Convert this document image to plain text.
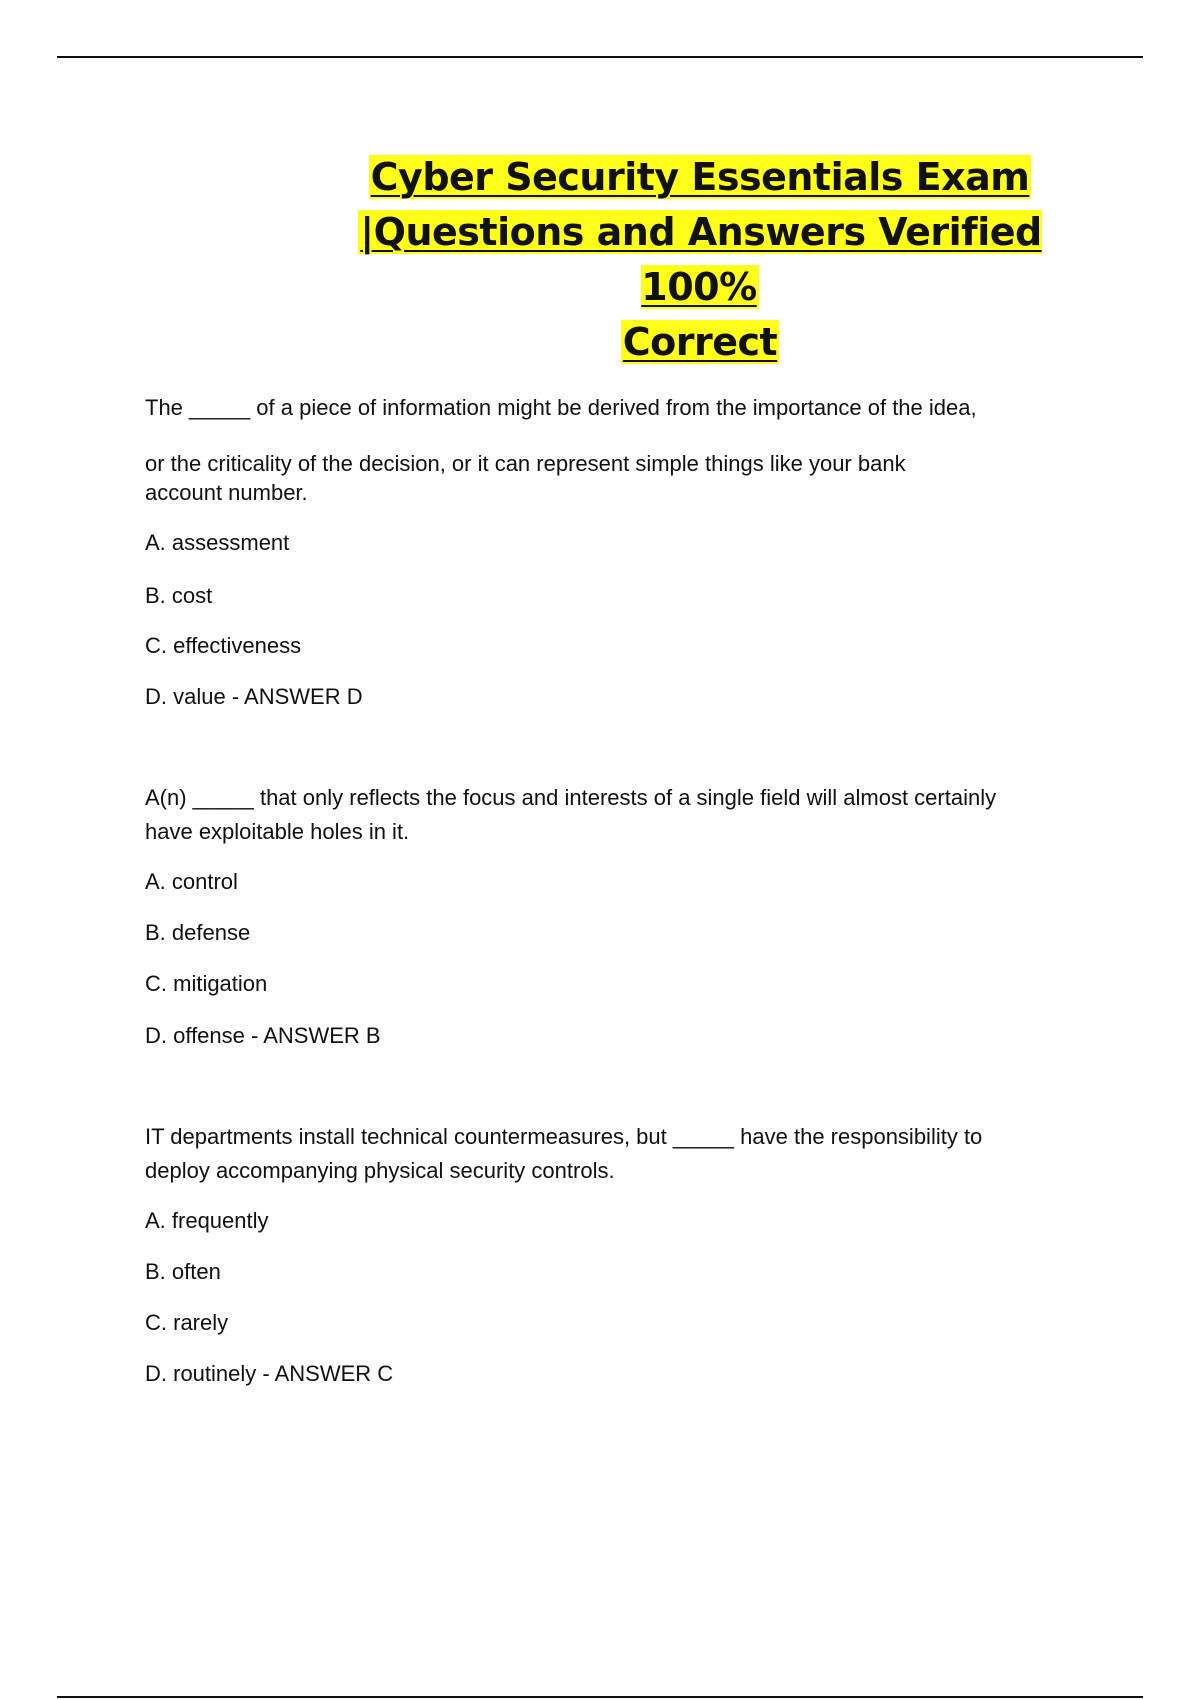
Cyber Security Essentials Exam
|Questions and Answers Verified 100%
Correct
The _____ of a piece of information might be derived from the importance of the idea,
or the criticality of the decision, or it can represent simple things like your bank
account number.
A. assessment
B. cost
C. effectiveness
D. value - ANSWER D
A(n) _____ that only reflects the focus and interests of a single field will almost certainly
have exploitable holes in it.
A. control
B. defense
C. mitigation
D. offense - ANSWER B
IT departments install technical countermeasures, but _____ have the responsibility to
deploy accompanying physical security controls.
A. frequently
B. often
C. rarely
D. routinely - ANSWER C
